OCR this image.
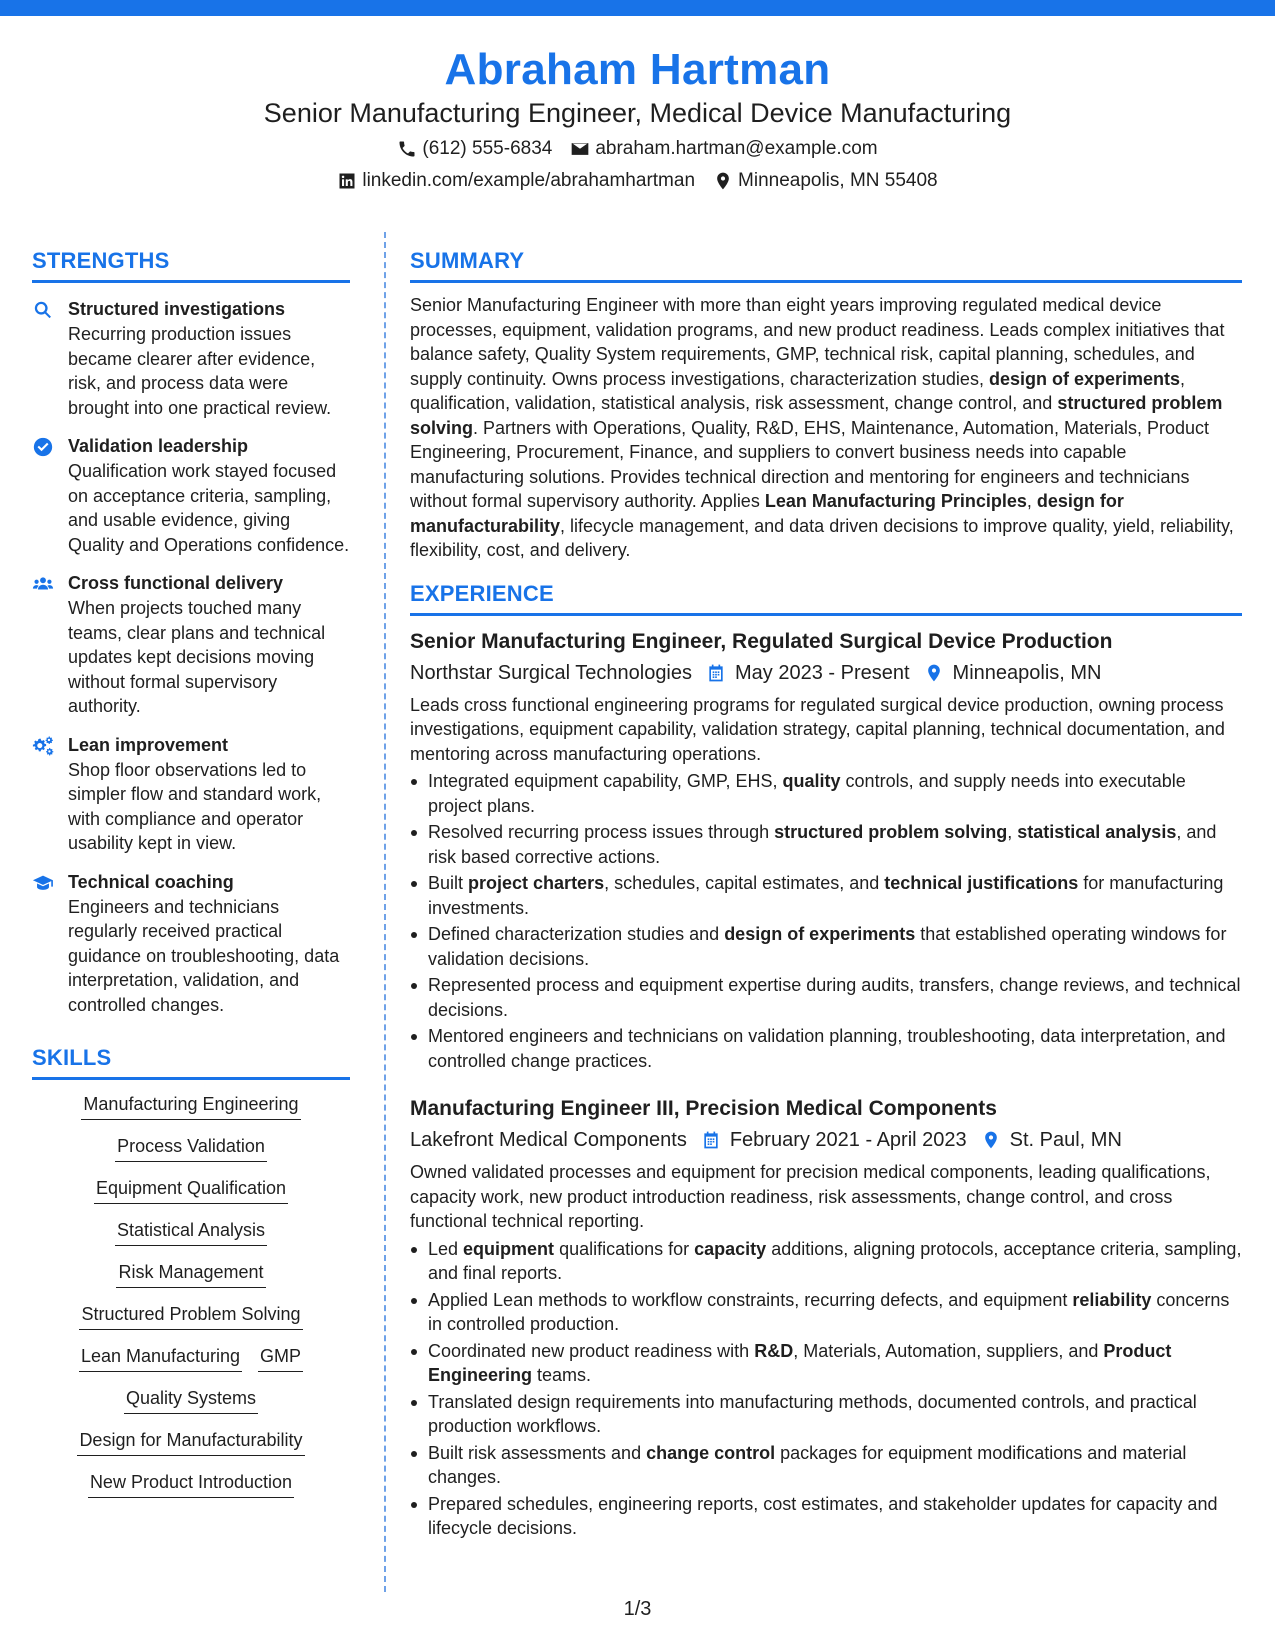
Abraham Hartman
Senior Manufacturing Engineer, Medical Device Manufacturing
(612) 555-6834 abraham.hartman@example.com
linkedin.com/example/abrahamhartman Minneapolis, MN 55408
STRENGTHS
Structured investigations
Recurring production issues became clearer after evidence, risk, and process data were brought into one practical review.
Validation leadership
Qualification work stayed focused on acceptance criteria, sampling, and usable evidence, giving Quality and Operations confidence.
Cross functional delivery
When projects touched many teams, clear plans and technical updates kept decisions moving without formal supervisory authority.
Lean improvement
Shop floor observations led to simpler flow and standard work, with compliance and operator usability kept in view.
Technical coaching
Engineers and technicians regularly received practical guidance on troubleshooting, data interpretation, validation, and controlled changes.
SKILLS
Manufacturing Engineering
Process Validation
Equipment Qualification
Statistical Analysis
Risk Management
Structured Problem Solving
Lean Manufacturing GMP
Quality Systems
Design for Manufacturability
New Product Introduction
SUMMARY
Senior Manufacturing Engineer with more than eight years improving regulated medical device processes, equipment, validation programs, and new product readiness. Leads complex initiatives that balance safety, Quality System requirements, GMP, technical risk, capital planning, schedules, and supply continuity. Owns process investigations, characterization studies, design of experiments, qualification, validation, statistical analysis, risk assessment, change control, and structured problem solving. Partners with Operations, Quality, R&D, EHS, Maintenance, Automation, Materials, Product Engineering, Procurement, Finance, and suppliers to convert business needs into capable manufacturing solutions. Provides technical direction and mentoring for engineers and technicians without formal supervisory authority. Applies Lean Manufacturing Principles, design for manufacturability, lifecycle management, and data driven decisions to improve quality, yield, reliability, flexibility, cost, and delivery.
EXPERIENCE
Senior Manufacturing Engineer, Regulated Surgical Device Production
Northstar Surgical Technologies May 2023 - Present Minneapolis, MN
Leads cross functional engineering programs for regulated surgical device production, owning process investigations, equipment capability, validation strategy, capital planning, technical documentation, and mentoring across manufacturing operations.
Integrated equipment capability, GMP, EHS, quality controls, and supply needs into executable project plans.
Resolved recurring process issues through structured problem solving, statistical analysis, and risk based corrective actions.
Built project charters, schedules, capital estimates, and technical justifications for manufacturing investments.
Defined characterization studies and design of experiments that established operating windows for validation decisions.
Represented process and equipment expertise during audits, transfers, change reviews, and technical decisions.
Mentored engineers and technicians on validation planning, troubleshooting, data interpretation, and controlled change practices.
Manufacturing Engineer III, Precision Medical Components
Lakefront Medical Components February 2021 - April 2023 St. Paul, MN
Owned validated processes and equipment for precision medical components, leading qualifications, capacity work, new product introduction readiness, risk assessments, change control, and cross functional technical reporting.
Led equipment qualifications for capacity additions, aligning protocols, acceptance criteria, sampling, and final reports.
Applied Lean methods to workflow constraints, recurring defects, and equipment reliability concerns in controlled production.
Coordinated new product readiness with R&D, Materials, Automation, suppliers, and Product Engineering teams.
Translated design requirements into manufacturing methods, documented controls, and practical production workflows.
Built risk assessments and change control packages for equipment modifications and material changes.
Prepared schedules, engineering reports, cost estimates, and stakeholder updates for capacity and lifecycle decisions.
1/3
